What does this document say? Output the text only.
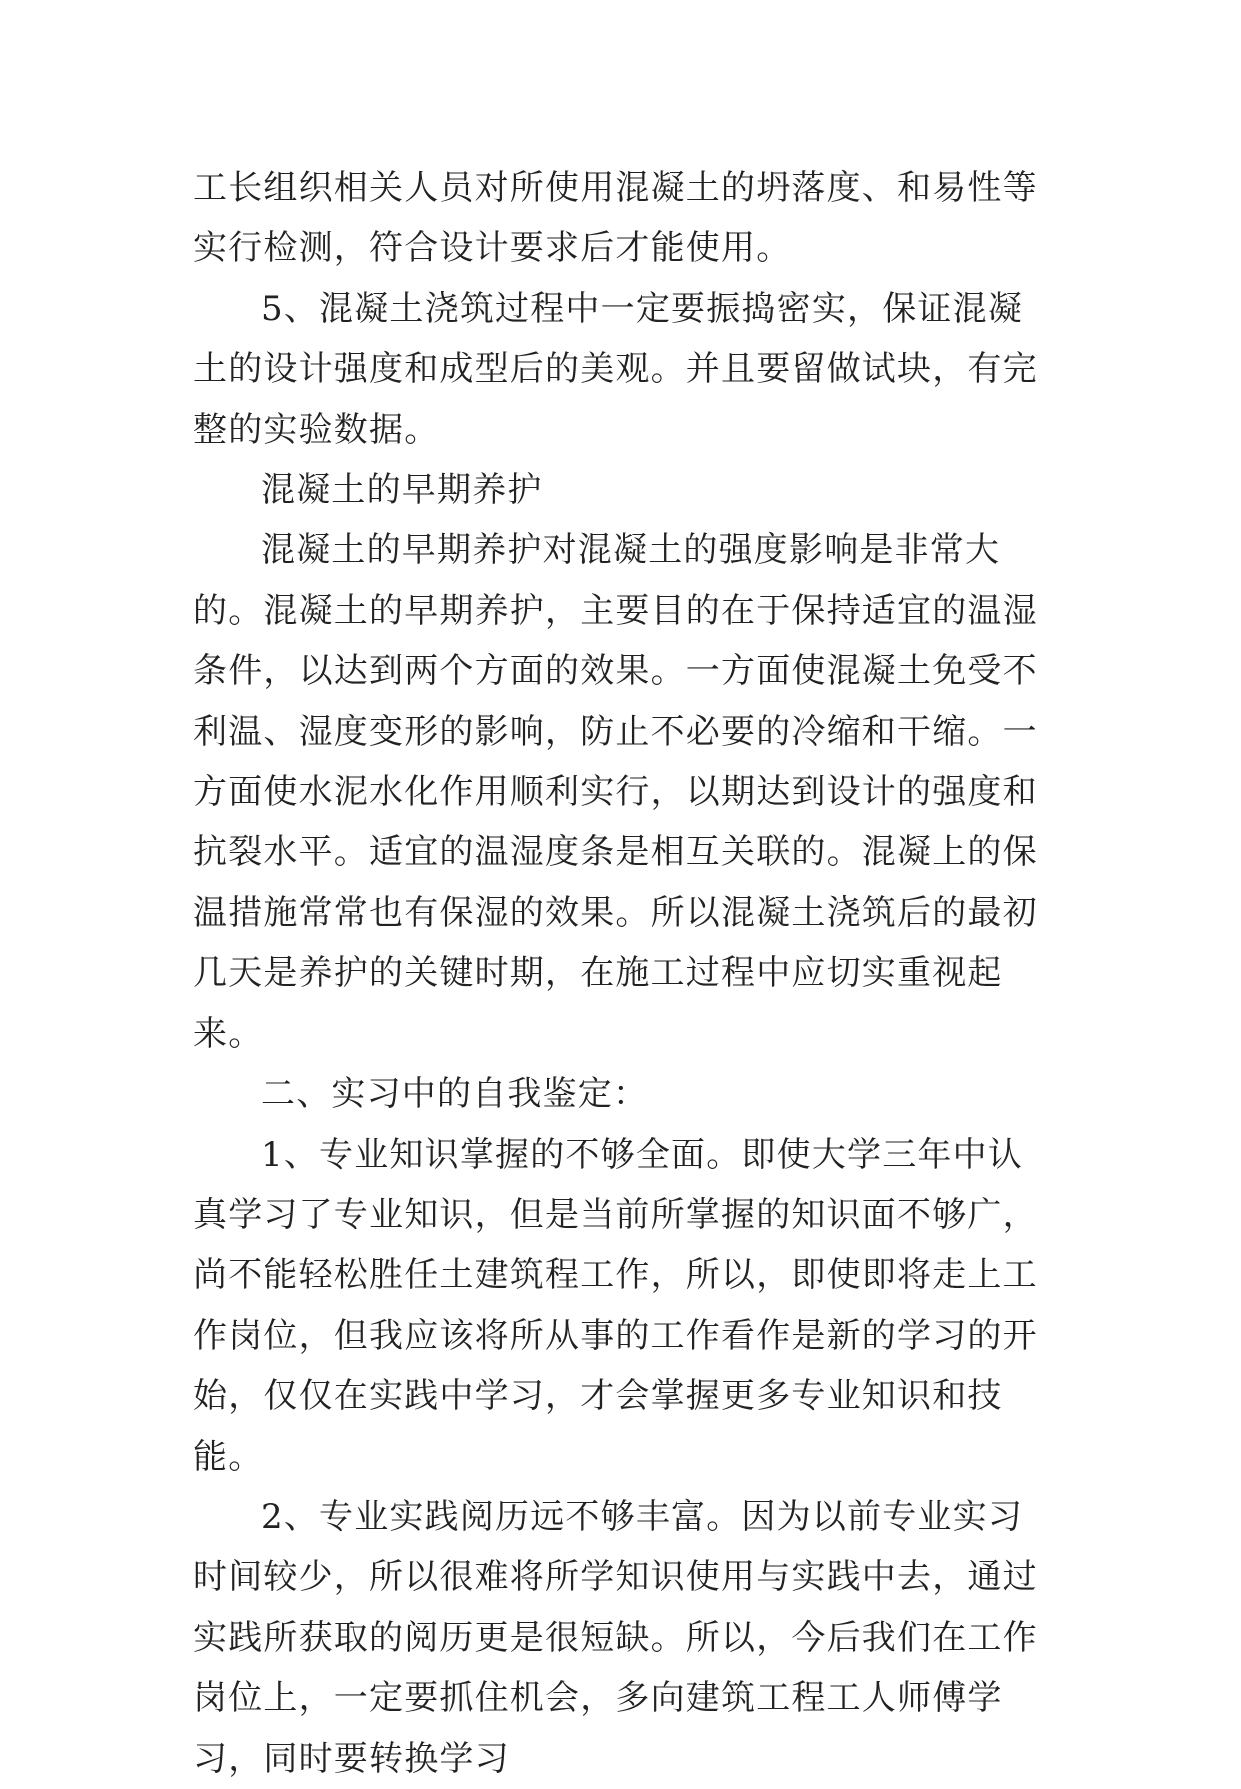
工长组织相关人员对所使用混凝土的坍落度、和易性等实行检测，符合设计要求后才能使用。

5、混凝土浇筑过程中一定要振捣密实，保证混凝土的设计强度和成型后的美观。并且要留做试块，有完整的实验数据。

混凝土的早期养护

混凝土的早期养护对混凝土的强度影响是非常大的。混凝土的早期养护，主要目的在于保持适宜的温湿条件，以达到两个方面的效果。一方面使混凝土免受不利温、湿度变形的影响，防止不必要的冷缩和干缩。一方面使水泥水化作用顺利实行，以期达到设计的强度和抗裂水平。适宜的温湿度条是相互关联的。混凝上的保温措施常常也有保湿的效果。所以混凝土浇筑后的最初几天是养护的关键时期，在施工过程中应切实重视起来。

二、实习中的自我鉴定：

1、专业知识掌握的不够全面。即使大学三年中认真学习了专业知识，但是当前所掌握的知识面不够广，尚不能轻松胜任土建筑程工作，所以，即使即将走上工作岗位，但我应该将所从事的工作看作是新的学习的开始，仅仅在实践中学习，才会掌握更多专业知识和技能。

2、专业实践阅历远不够丰富。因为以前专业实习时间较少，所以很难将所学知识使用与实践中去，通过实践所获取的阅历更是很短缺。所以，今后我们在工作岗位上，一定要抓住机会，多向建筑工程工人师傅学习，同时要转换学习
